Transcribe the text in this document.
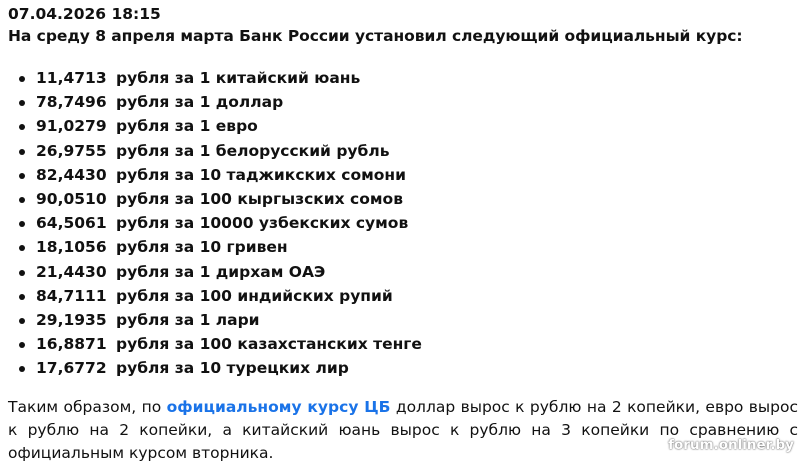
07.04.2026 18:15

На среду 8 апреля марта Банк России установил следующий официальный курс:

11,4713 рубля за 1 китайский юань
78,7496 рубля за 1 доллар
91,0279 рубля за 1 евро
26,9755 рубля за 1 белорусский рубль
82,4430 рубля за 10 таджикских сомони
90,0510 рубля за 100 кыргызских сомов
64,5061 рубля за 10000 узбекских сумов
18,1056 рубля за 10 гривен
21,4430 рубля за 1 дирхам ОАЭ
84,7111 рубля за 100 индийских рупий
29,1935 рубля за 1 лари
16,8871 рубля за 100 казахстанских тенге
17,6772 рубля за 10 турецких лир

Таким образом, по официальному курсу ЦБ доллар вырос к рублю на 2 копейки, евро вырос к рублю на 2 копейки, а китайский юань вырос к рублю на 3 копейки по сравнению с официальным курсом вторника.	forum.onliner.by
